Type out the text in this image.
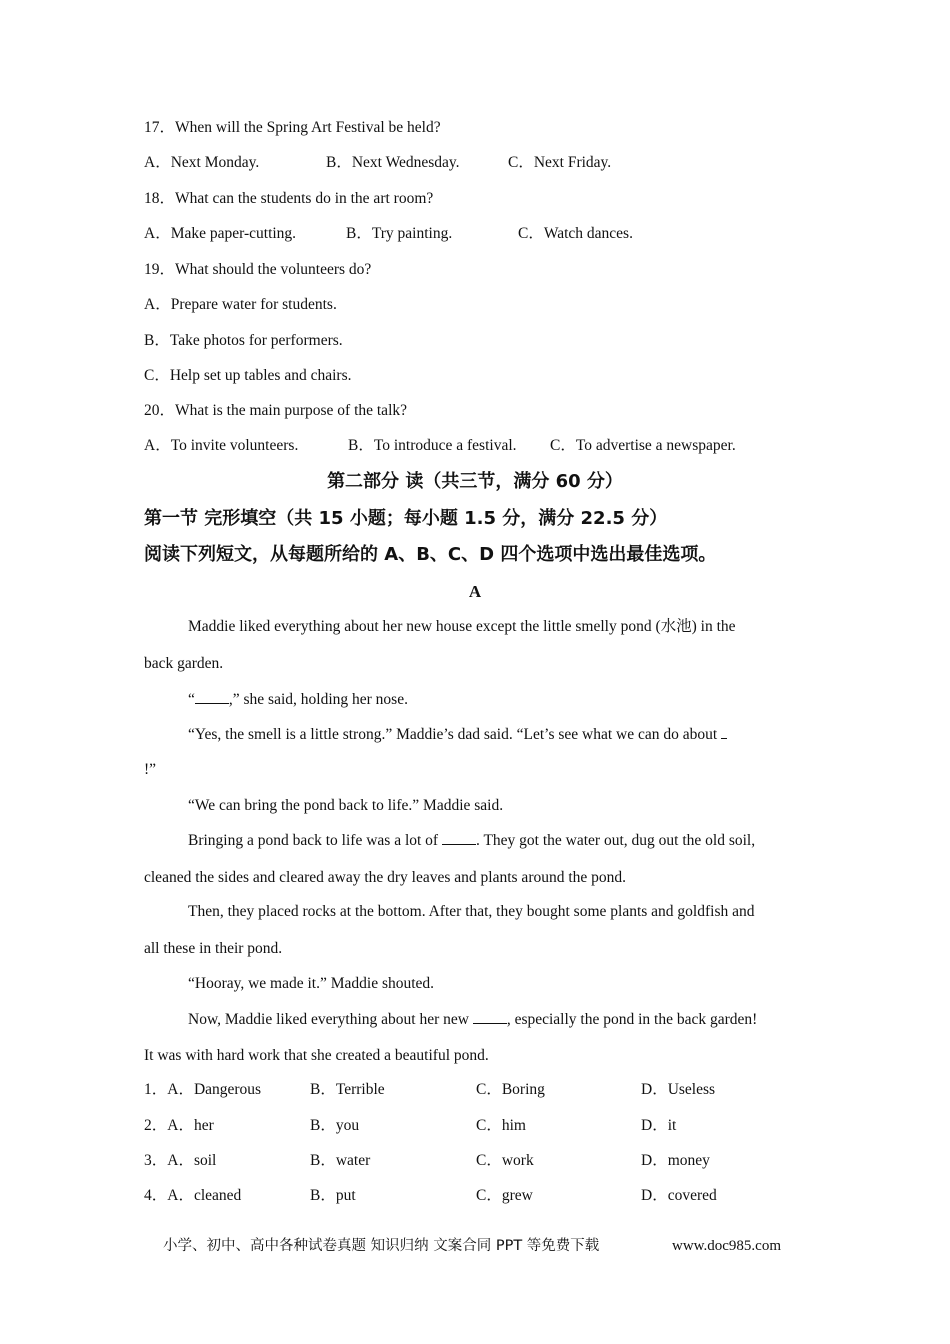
17．When will the Spring Art Festival be held?
A．Next Monday.	B．Next Wednesday.	C．Next Friday.
18．What can the students do in the art room?
A．Make paper-cutting.	B．Try painting.	C．Watch dances.
19．What should the volunteers do?
A．Prepare water for students.
B．Take photos for performers.
C．Help set up tables and chairs.
20．What is the main purpose of the talk?
A．To invite volunteers.	B．To introduce a festival. C．To advertise a newspaper.
第二部分 读（共三节，满分 60 分）
第一节 完形填空（共 15 小题；每小题 1.5 分，满分 22.5 分）
阅读下列短文，从每题所给的 A、B、C、D 四个选项中选出最佳选项。
A
Maddie liked everything about her new house except the little smelly pond (水池) in the
back garden.
“ ,” she said, holding her nose.
“Yes, the smell is a little strong.” Maddie’s dad said. “Let’s see what we can do about
!”
“We can bring the pond back to life.” Maddie said.
Bringing a pond back to life was a lot of . They got the water out, dug out the old soil,
cleaned the sides and cleared away the dry leaves and plants around the pond.
Then, they placed rocks at the bottom. After that, they bought some plants and goldfish and
all these in their pond.
“Hooray, we made it.” Maddie shouted.
Now, Maddie liked everything about her new , especially the pond in the back garden!
It was with hard work that she created a beautiful pond.
1．A．Dangerous	B．Terrible	C．Boring	D．Useless
2．A．her	B．you	C．him	D．it
3．A．soil	B．water	C．work	D．money
4．A．cleaned	B．put	C．grew	D．covered
小学、初中、高中各种试卷真题 知识归纳 文案合同 PPT 等免费下载	www.doc985.com
